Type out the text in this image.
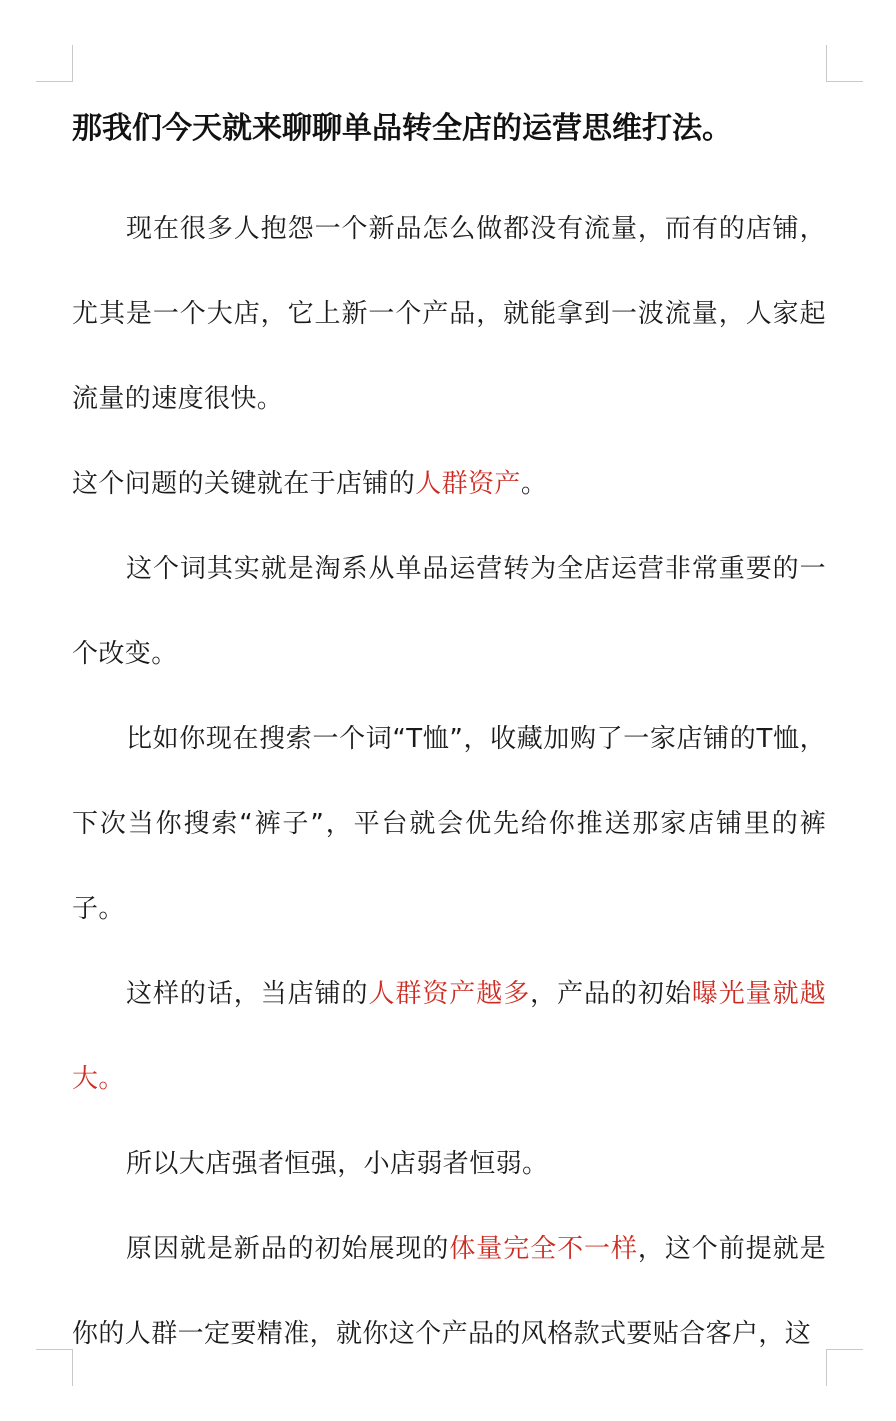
那我们今天就来聊聊单品转全店的运营思维打法。

现在很多人抱怨一个新品怎么做都没有流量，而有的店铺，尤其是一个大店，它上新一个产品，就能拿到一波流量，人家起流量的速度很快。

这个问题的关键就在于店铺的人群资产。

这个词其实就是淘系从单品运营转为全店运营非常重要的一个改变。

比如你现在搜索一个词“T恤”，收藏加购了一家店铺的T恤，下次当你搜索“裤子”，平台就会优先给你推送那家店铺里的裤子。

这样的话，当店铺的人群资产越多，产品的初始曝光量就越大。

所以大店强者恒强，小店弱者恒弱。

原因就是新品的初始展现的体量完全不一样，这个前提就是你的人群一定要精准，就你这个产品的风格款式要贴合客户，这
